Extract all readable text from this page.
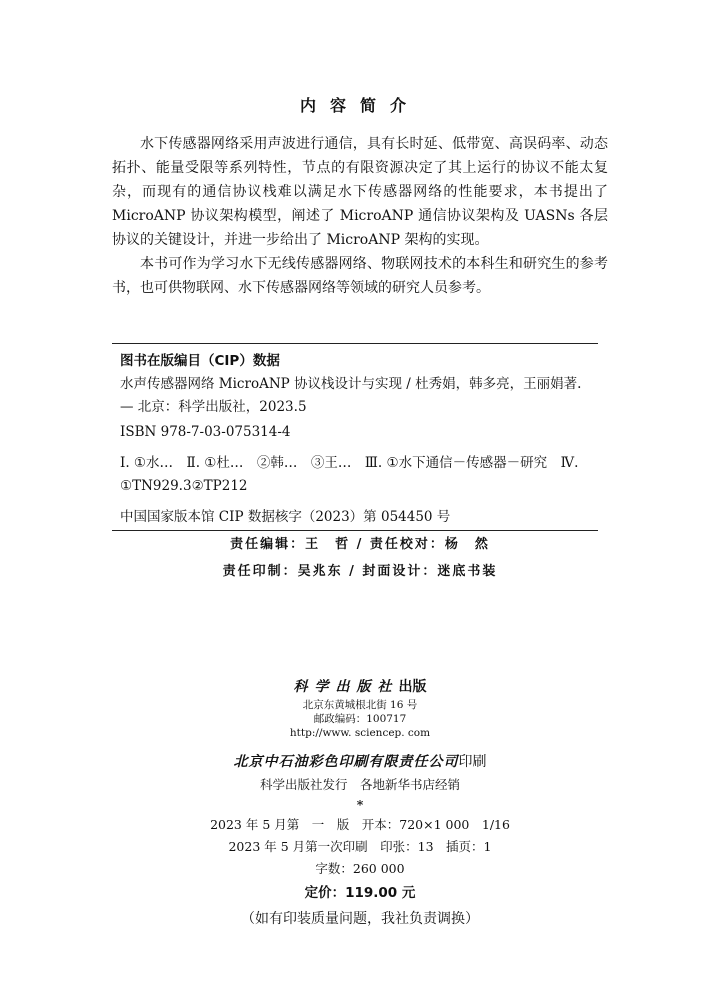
内容简介

水下传感器网络采用声波进行通信，具有长时延、低带宽、高误码率、动态拓扑、能量受限等系列特性，节点的有限资源决定了其上运行的协议不能太复杂，而现有的通信协议栈难以满足水下传感器网络的性能要求，本书提出了 MicroANP 协议架构模型，阐述了 MicroANP 通信协议架构及 UASNs 各层协议的关键设计，并进一步给出了 MicroANP 架构的实现。

本书可作为学习水下无线传感器网络、物联网技术的本科生和研究生的参考书，也可供物联网、水下传感器网络等领域的研究人员参考。

图书在版编目（CIP）数据
水声传感器网络 MicroANP 协议栈设计与实现 / 杜秀娟，韩多亮，王丽娟著. — 北京：科学出版社，2023.5
ISBN 978-7-03-075314-4
Ⅰ. ①水…　Ⅱ. ①杜…　②韩…　③王…　Ⅲ. ①水下通信－传感器－研究　Ⅳ. ①TN929.3②TP212
中国国家版本馆 CIP 数据核字（2023）第 054450 号
责任编辑：王　哲 / 责任校对：杨　然
责任印制：吴兆东 / 封面设计：迷底书装
科学出版社出版
北京东黄城根北街 16 号
邮政编码：100717
http://www. sciencep. com
北京中石油彩色印刷有限责任公司印刷
科学出版社发行　各地新华书店经销
*
2023 年 5 月第　一　版　开本：720×1 000　1/16
2023 年 5 月第一次印刷　印张：13　插页：1
字数：260 000
定价：119.00 元
（如有印装质量问题，我社负责调换）
